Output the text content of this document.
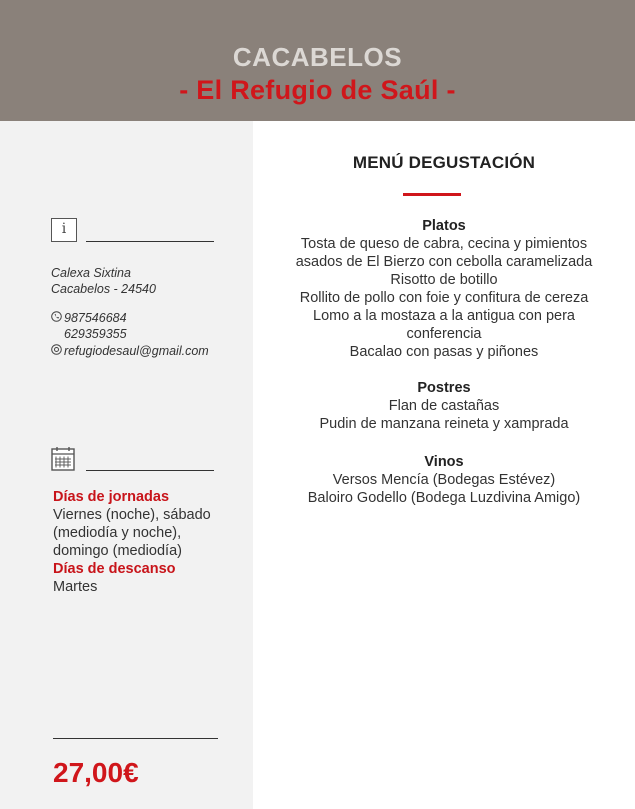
CACABELOS
- El Refugio de Saúl -
i
Calexa Sixtina
Cacabelos - 24540
987546684
629359355
refugiodesaul@gmail.com
Días de jornadas
Viernes (noche), sábado
(mediodía y noche),
domingo (mediodía)
Días de descanso
Martes
27,00€
MENÚ DEGUSTACIÓN
Platos
Tosta de queso de cabra, cecina y pimientos
asados de El Bierzo con cebolla caramelizada
Risotto de botillo
Rollito de pollo con foie y confitura de cereza
Lomo a la mostaza a la antigua con pera
conferencia
Bacalao con pasas y piñones
Postres
Flan de castañas
Pudin de manzana reineta y xamprada
Vinos
Versos Mencía (Bodegas Estévez)
Baloiro Godello (Bodega Luzdivina Amigo)
